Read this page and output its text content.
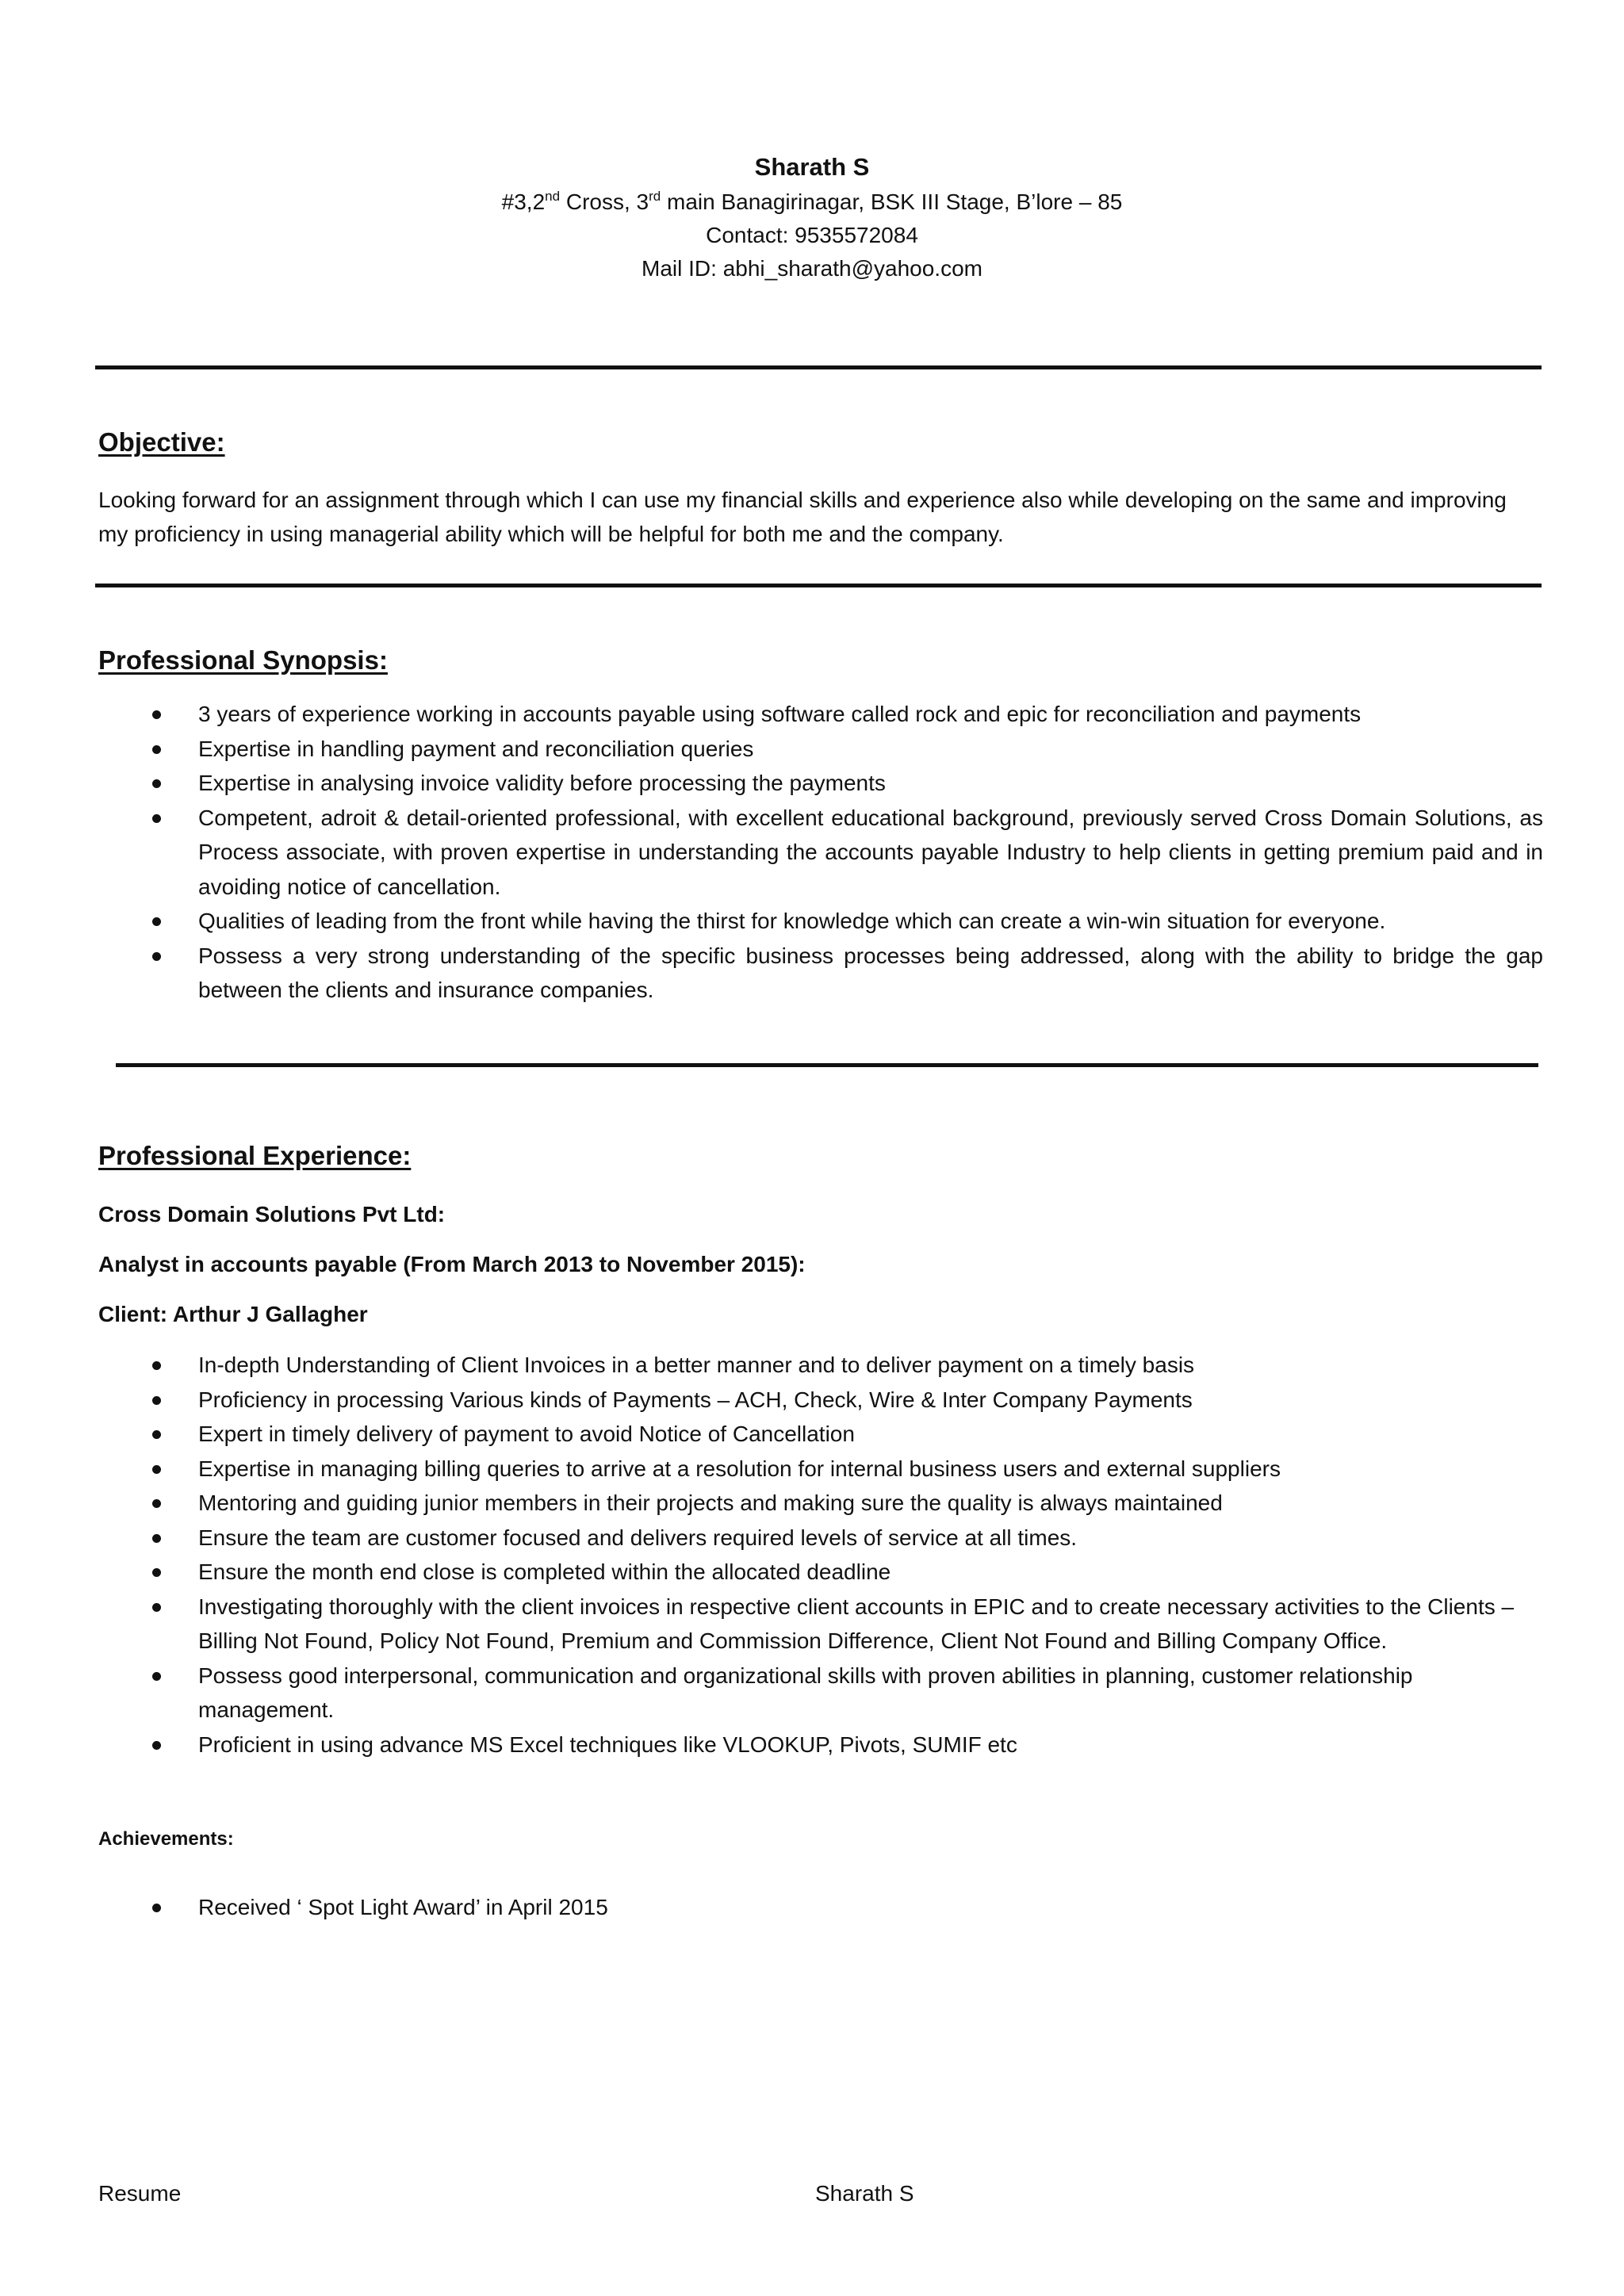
Sharath S
#3,2nd Cross, 3rd main Banagirinagar, BSK III Stage, B’lore – 85
Contact: 9535572084
Mail ID: abhi_sharath@yahoo.com
Objective:

Looking forward for an assignment through which I can use my financial skills and experience also while developing on the same and improving my proficiency in using managerial ability which will be helpful for both me and the company.

Professional Synopsis:
3 years of experience working in accounts payable using software called rock and epic for reconciliation and payments
Expertise in handling payment and reconciliation queries
Expertise in analysing invoice validity before processing the payments
Competent, adroit & detail-oriented professional, with excellent educational background, previously served Cross Domain Solutions, as Process associate, with proven expertise in understanding the accounts payable Industry to help clients in getting premium paid and in avoiding notice of cancellation.
Qualities of leading from the front while having the thirst for knowledge which can create a win-win situation for everyone.
Possess a very strong understanding of the specific business processes being addressed, along with the ability to bridge the gap between the clients and insurance companies.
Professional Experience:

Cross Domain Solutions Pvt Ltd:

Analyst in accounts payable (From March 2013 to November 2015):

Client: Arthur J Gallagher

In-depth Understanding of Client Invoices in a better manner and to deliver payment on a timely basis
Proficiency in processing Various kinds of Payments – ACH, Check, Wire & Inter Company Payments
Expert in timely delivery of payment to avoid Notice of Cancellation
Expertise in managing billing queries to arrive at a resolution for internal business users and external suppliers
Mentoring and guiding junior members in their projects and making sure the quality is always maintained
Ensure the team are customer focused and delivers required levels of service at all times.
Ensure the month end close is completed within the allocated deadline
Investigating thoroughly with the client invoices in respective client accounts in EPIC and to create necessary activities to the Clients – Billing Not Found, Policy Not Found, Premium and Commission Difference, Client Not Found and Billing Company Office.
Possess good interpersonal, communication and organizational skills with proven abilities in planning, customer relationship management.
Proficient in using advance MS Excel techniques like VLOOKUP, Pivots, SUMIF etc

Achievements:

Received ‘ Spot Light Award’ in April 2015
Resume	Sharath S
